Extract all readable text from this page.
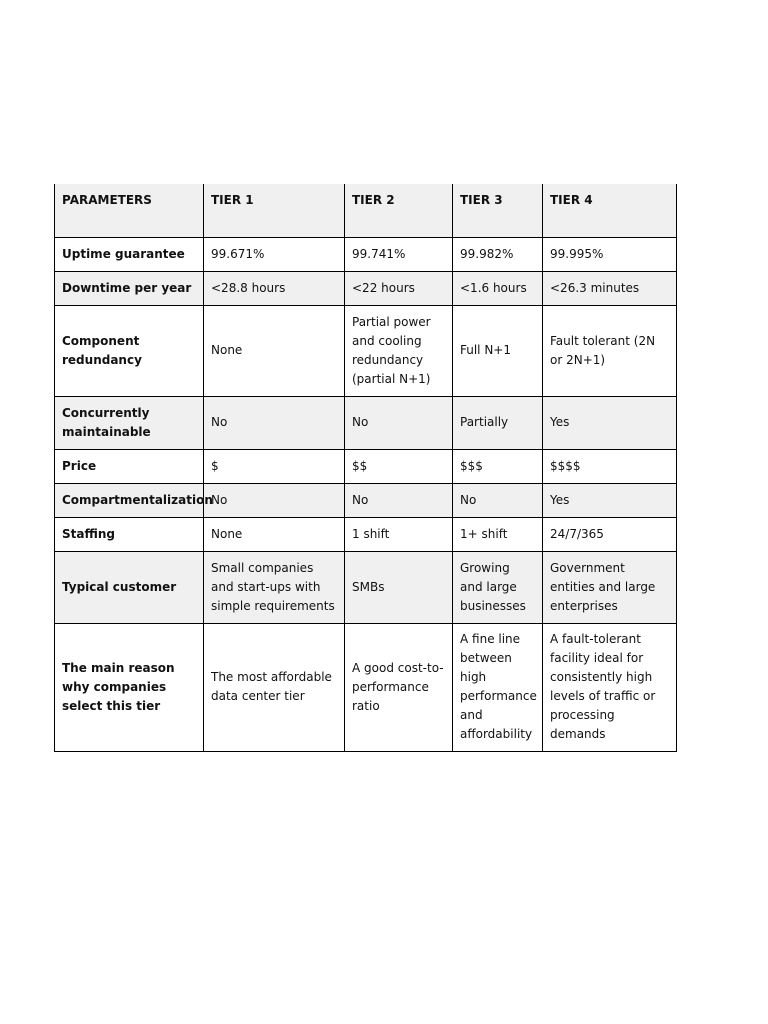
PARAMETERS	TIER 1	TIER 2	TIER 3	TIER 4
Uptime guarantee	99.671%	99.741%	99.982%	99.995%
Downtime per year	<28.8 hours	<22 hours	<1.6 hours	<26.3 minutes
Component redundancy	None	Partial power and cooling redundancy (partial N+1)	Full N+1	Fault tolerant (2N or 2N+1)
Concurrently maintainable	No	No	Partially	Yes
Price	$	$$	$$$	$$$$
Compartmentalization	No	No	No	Yes
Staffing	None	1 shift	1+ shift	24/7/365
Typical customer	Small companies and start-ups with simple requirements	SMBs	Growing and large businesses	Government entities and large enterprises
The main reason why companies select this tier	The most affordable data center tier	A good cost-to-performance ratio	A fine line between high performance and affordability	A fault-tolerant facility ideal for consistently high levels of traffic or processing demands
